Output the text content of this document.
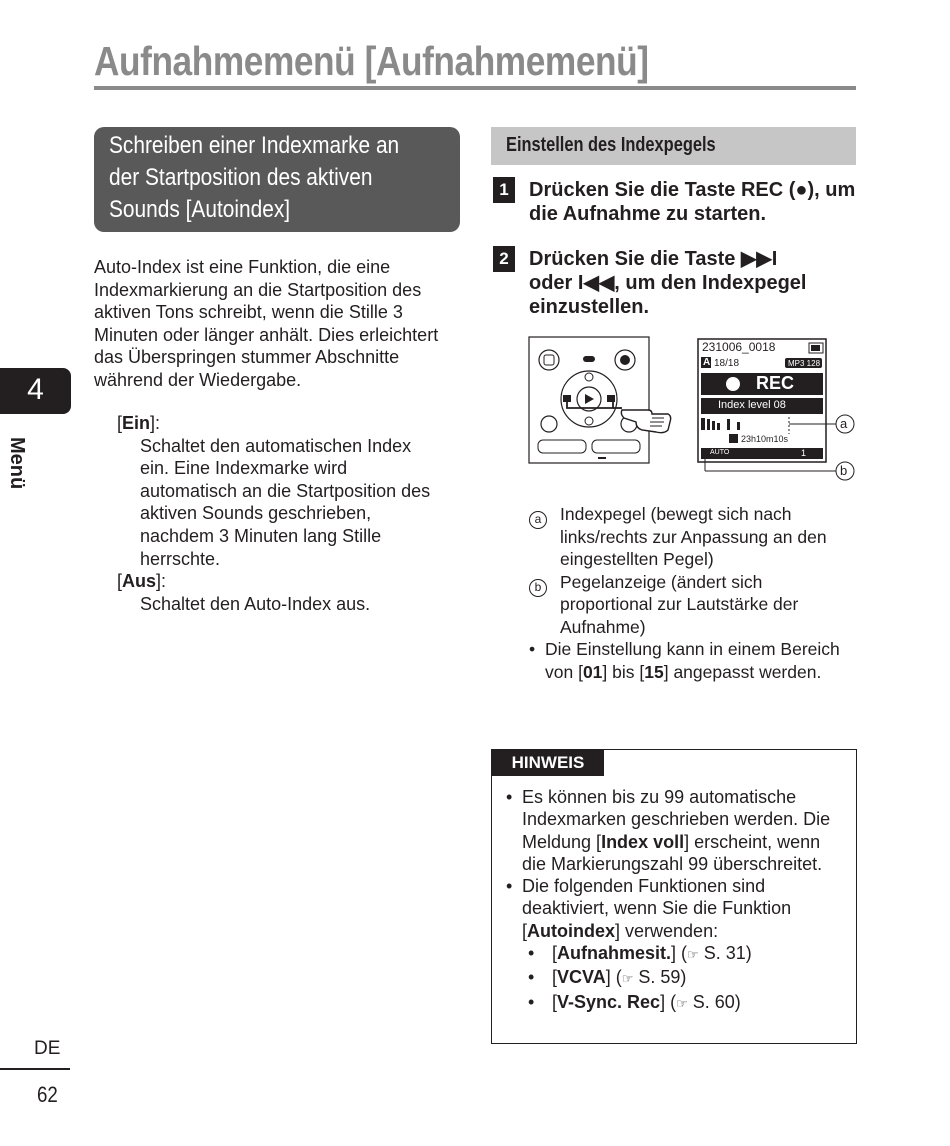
Aufnahmemenü [Aufnahmemenü]
Schreiben einer Indexmarke an der Startposition des aktiven Sounds [Autoindex]
Auto-Index ist eine Funktion, die eine Indexmarkierung an die Startposition des aktiven Tons schreibt, wenn die Stille 3 Minuten oder länger anhält. Dies erleichtert das Überspringen stummer Abschnitte während der Wiedergabe.
[Ein]:
Schaltet den automatischen Index ein. Eine Indexmarke wird automatisch an die Startposition des aktiven Sounds geschrieben, nachdem 3 Minuten lang Stille herrschte.
[Aus]:
Schaltet den Auto-Index aus.
4
Menü
Einstellen des Indexpegels
1	Drücken Sie die Taste REC (●), um die Aufnahme zu starten.
2	Drücken Sie die Taste ▶▶I
oder I◀◀, um den Indexpegel einzustellen.
231006_0018
A 18/18	MP3 128
REC
Index level 08
23h10m10s
AUTO	1
a
b
a	Indexpegel (bewegt sich nach links/rechts zur Anpassung an den eingestellten Pegel)
b	Pegelanzeige (ändert sich proportional zur Lautstärke der Aufnahme)
• Die Einstellung kann in einem Bereich von [01] bis [15] angepasst werden.
HINWEIS
• Es können bis zu 99 automatische Indexmarken geschrieben werden. Die Meldung [Index voll] erscheint, wenn die Markierungszahl 99 überschreitet.
• Die folgenden Funktionen sind deaktiviert, wenn Sie die Funktion [Autoindex] verwenden:
• [Aufnahmesit.] (☞ S. 31)
• [VCVA] (☞ S. 59)
• [V-Sync. Rec] (☞ S. 60)
DE
62
